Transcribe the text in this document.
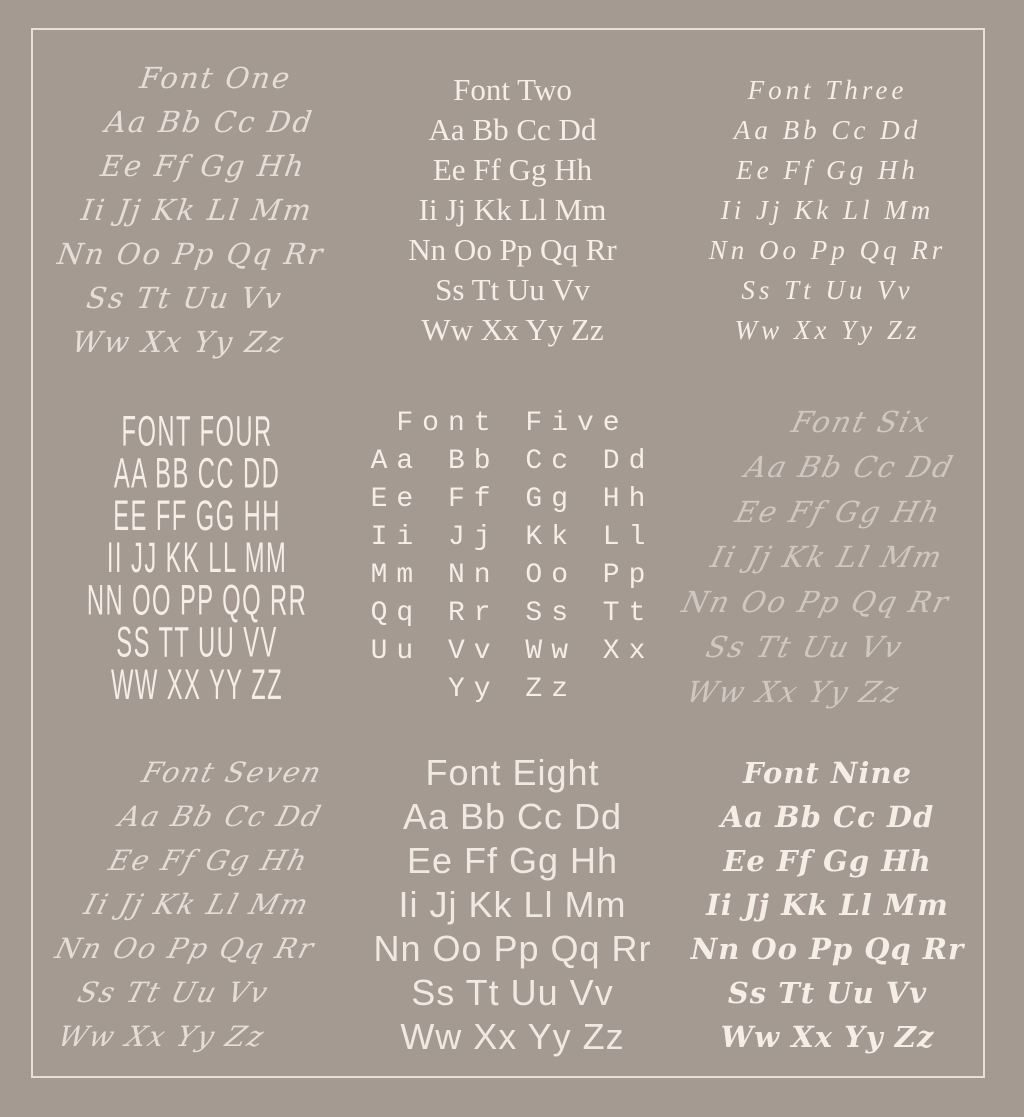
Font One
Aa Bb Cc Dd
Ee Ff Gg Hh
Ii Jj Kk Ll Mm
Nn Oo Pp Qq Rr
Ss Tt Uu Vv
Ww Xx Yy Zz
Font Two
Aa Bb Cc Dd
Ee Ff Gg Hh
Ii Jj Kk Ll Mm
Nn Oo Pp Qq Rr
Ss Tt Uu Vv
Ww Xx Yy Zz
Font Three
Aa Bb Cc Dd
Ee Ff Gg Hh
Ii Jj Kk Ll Mm
Nn Oo Pp Qq Rr
Ss Tt Uu Vv
Ww Xx Yy Zz
FONT FOUR
AA BB CC DD
EE FF GG HH
II JJ KK LL MM
NN OO PP QQ RR
SS TT UU VV
WW XX YY ZZ
Font Five
Aa Bb Cc Dd
Ee Ff Gg Hh
Ii Jj Kk Ll
Mm Nn Oo Pp
Qq Rr Ss Tt
Uu Vv Ww Xx
Yy Zz
Font Six
Aa Bb Cc Dd
Ee Ff Gg Hh
Ii Jj Kk Ll Mm
Nn Oo Pp Qq Rr
Ss Tt Uu Vv
Ww Xx Yy Zz
Font Seven
Aa Bb Cc Dd
Ee Ff Gg Hh
Ii Jj Kk Ll Mm
Nn Oo Pp Qq Rr
Ss Tt Uu Vv
Ww Xx Yy Zz
Font Eight
Aa Bb Cc Dd
Ee Ff Gg Hh
Ii Jj Kk Ll Mm
Nn Oo Pp Qq Rr
Ss Tt Uu Vv
Ww Xx Yy Zz
Font Nine
Aa Bb Cc Dd
Ee Ff Gg Hh
Ii Jj Kk Ll Mm
Nn Oo Pp Qq Rr
Ss Tt Uu Vv
Ww Xx Yy Zz
